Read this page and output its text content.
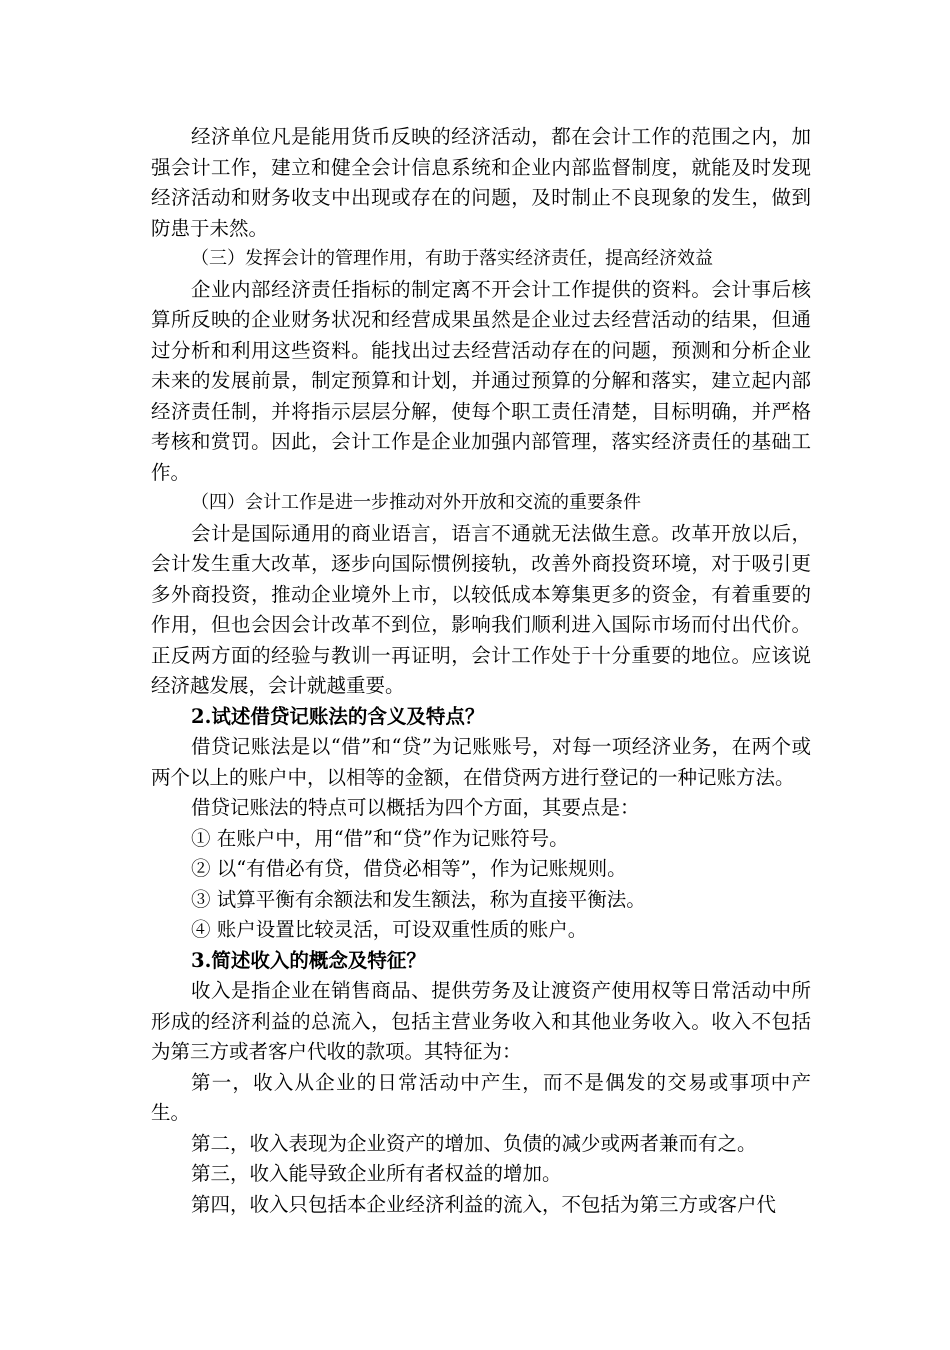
经济单位凡是能用货币反映的经济活动，都在会计工作的范围之内，加强会计工作，建立和健全会计信息系统和企业内部监督制度，就能及时发现经济活动和财务收支中出现或存在的问题，及时制止不良现象的发生，做到防患于未然。

（三）发挥会计的管理作用，有助于落实经济责任，提高经济效益

企业内部经济责任指标的制定离不开会计工作提供的资料。会计事后核算所反映的企业财务状况和经营成果虽然是企业过去经营活动的结果，但通过分析和利用这些资料。能找出过去经营活动存在的问题，预测和分析企业未来的发展前景，制定预算和计划，并通过预算的分解和落实，建立起内部经济责任制，并将指示层层分解，使每个职工责任清楚，目标明确，并严格考核和赏罚。因此，会计工作是企业加强内部管理，落实经济责任的基础工作。

（四）会计工作是进一步推动对外开放和交流的重要条件

会计是国际通用的商业语言，语言不通就无法做生意。改革开放以后，会计发生重大改革，逐步向国际惯例接轨，改善外商投资环境，对于吸引更多外商投资，推动企业境外上市，以较低成本筹集更多的资金，有着重要的作用，但也会因会计改革不到位，影响我们顺利进入国际市场而付出代价。正反两方面的经验与教训一再证明，会计工作处于十分重要的地位。应该说经济越发展，会计就越重要。

2.试述借贷记账法的含义及特点？

借贷记账法是以“借”和“贷”为记账账号，对每一项经济业务，在两个或两个以上的账户中，以相等的金额，在借贷两方进行登记的一种记账方法。

借贷记账法的特点可以概括为四个方面，其要点是：

① 在账户中，用“借”和“贷”作为记账符号。

② 以“有借必有贷，借贷必相等”，作为记账规则。

③ 试算平衡有余额法和发生额法，称为直接平衡法。

④ 账户设置比较灵活，可设双重性质的账户。

3.简述收入的概念及特征？

收入是指企业在销售商品、提供劳务及让渡资产使用权等日常活动中所形成的经济利益的总流入，包括主营业务收入和其他业务收入。收入不包括为第三方或者客户代收的款项。其特征为：

第一，收入从企业的日常活动中产生，而不是偶发的交易或事项中产生。

第二，收入表现为企业资产的增加、负债的减少或两者兼而有之。

第三，收入能导致企业所有者权益的增加。

第四，收入只包括本企业经济利益的流入，不包括为第三方或客户代
